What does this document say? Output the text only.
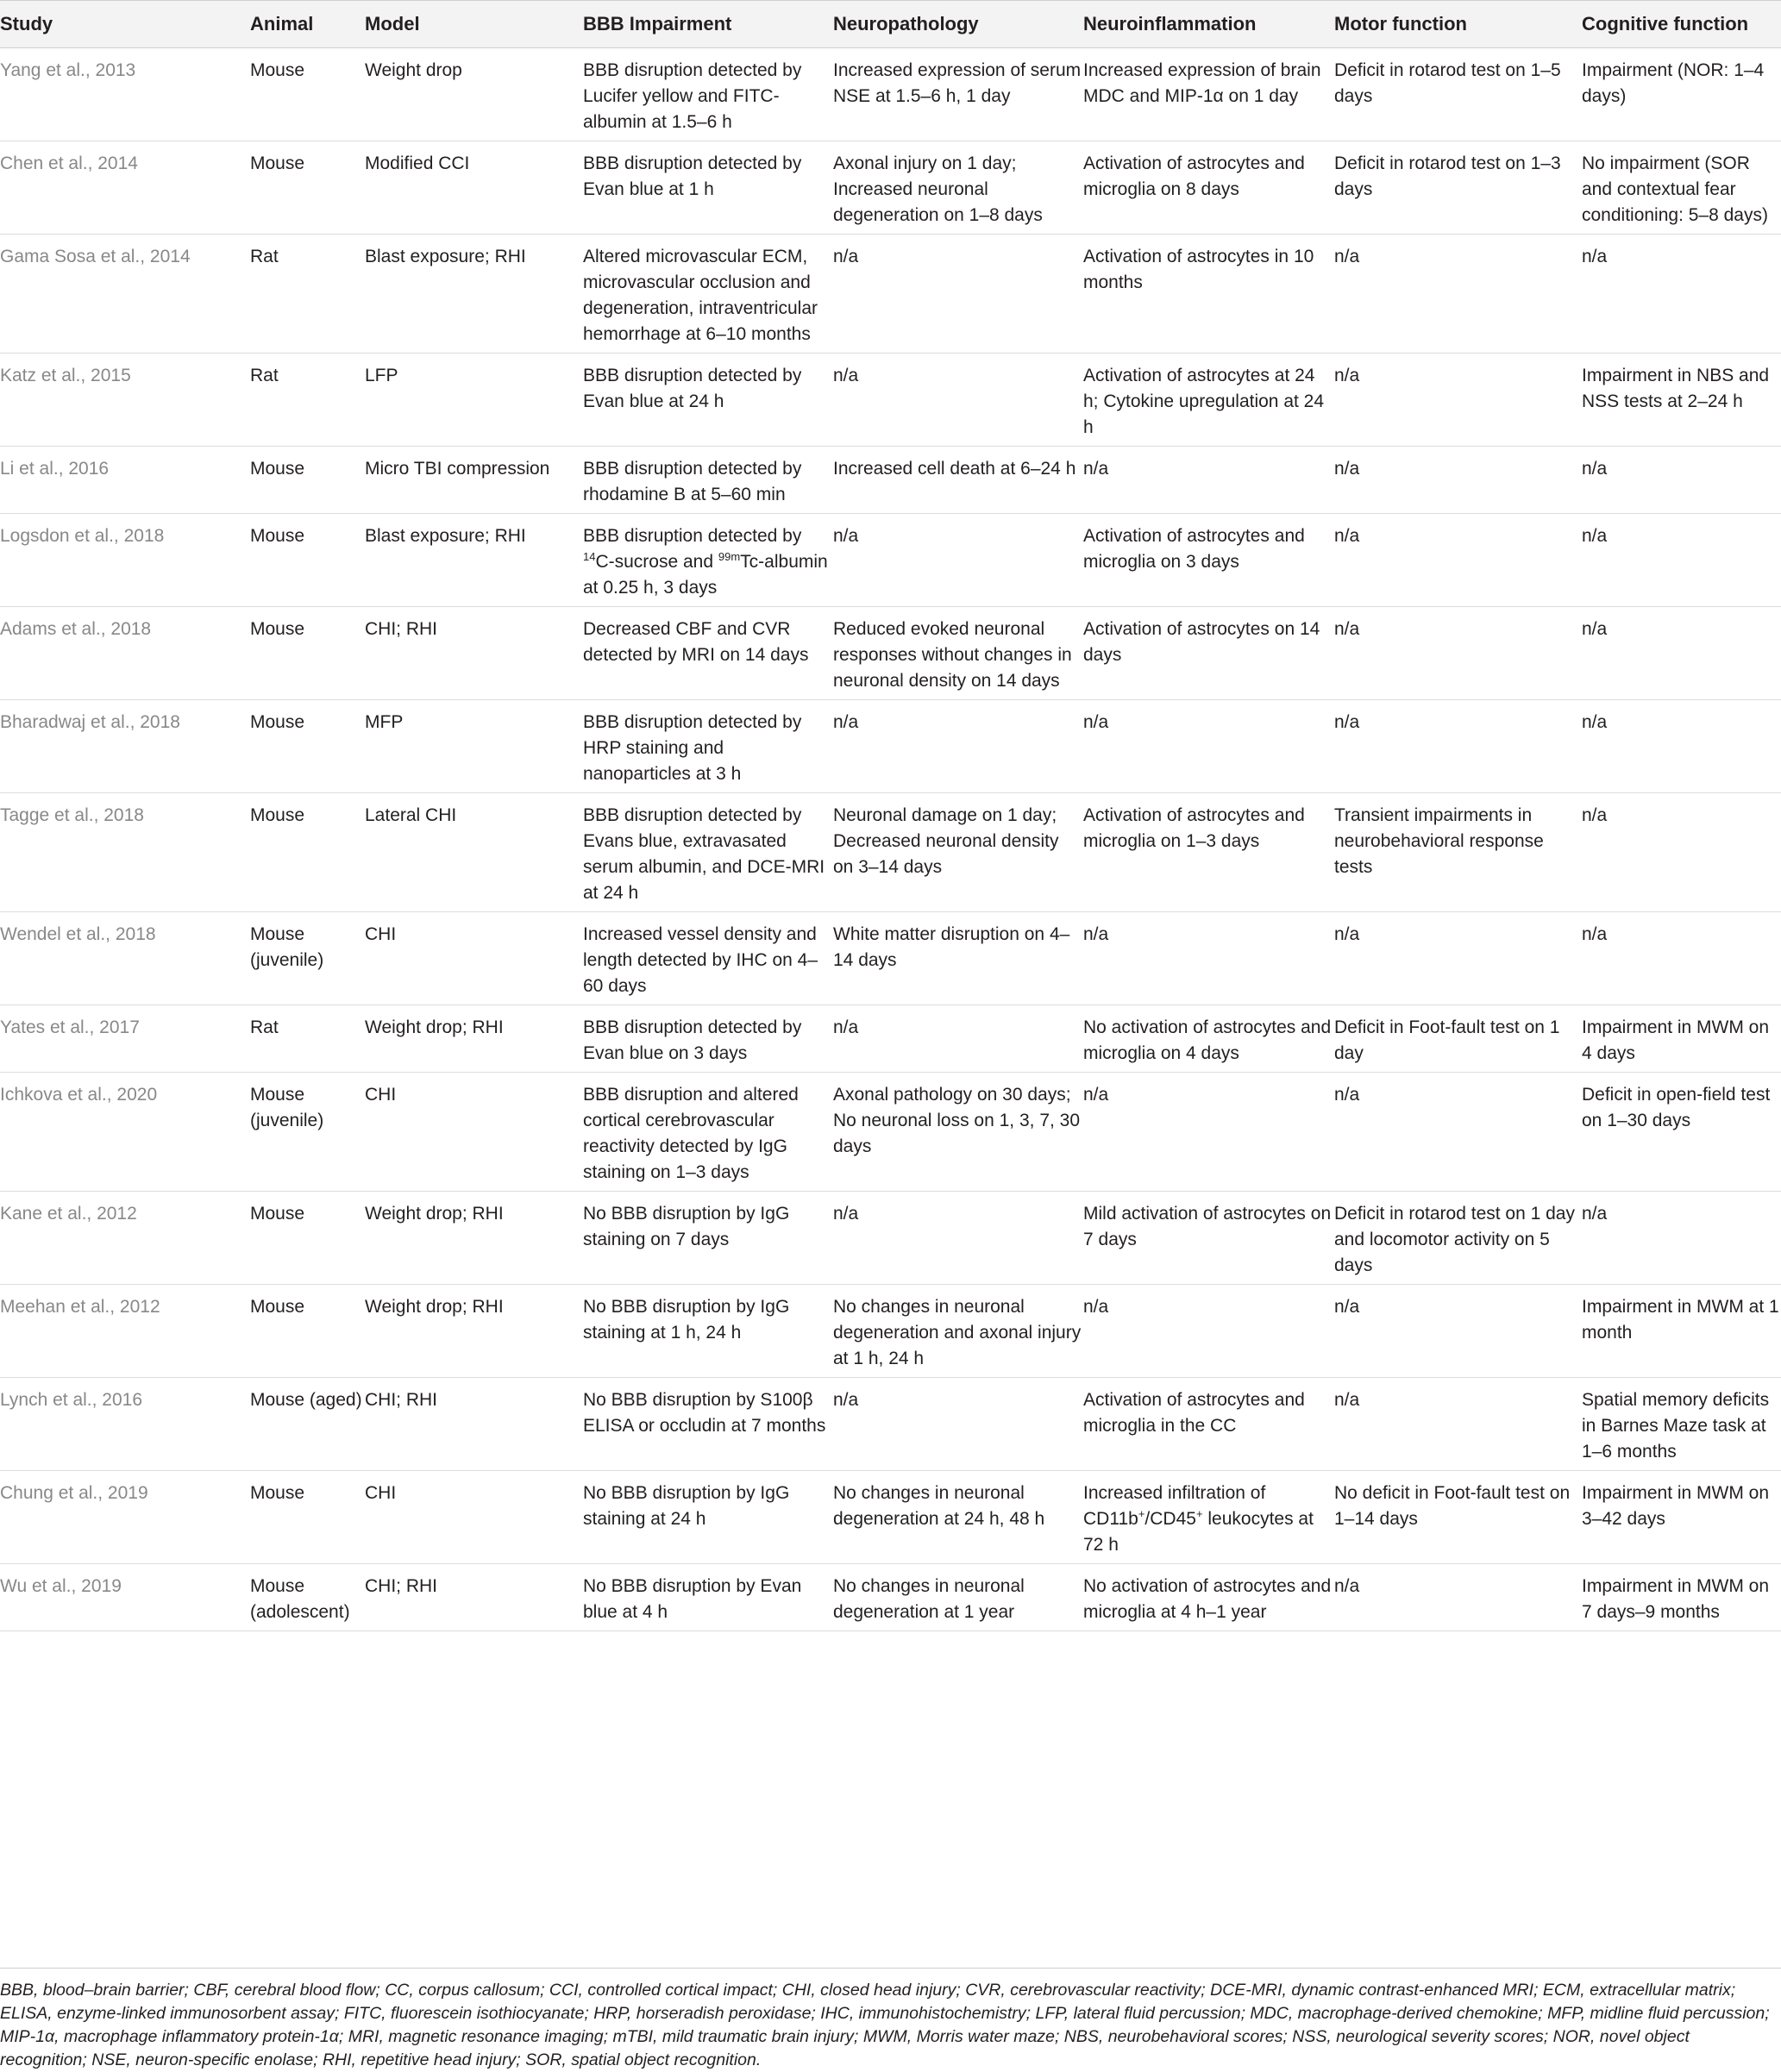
Study	Animal	Model	BBB Impairment	Neuropathology	Neuroinflammation	Motor function	Cognitive function
Yang et al., 2013	Mouse	Weight drop	BBB disruption detected by Lucifer yellow and FITC-albumin at 1.5–6 h	Increased expression of serum NSE at 1.5–6 h, 1 day	Increased expression of brain MDC and MIP-1α on 1 day	Deficit in rotarod test on 1–5 days	Impairment (NOR: 1–4 days)
Chen et al., 2014	Mouse	Modified CCI	BBB disruption detected by Evan blue at 1 h	Axonal injury on 1 day; Increased neuronal degeneration on 1–8 days	Activation of astrocytes and microglia on 8 days	Deficit in rotarod test on 1–3 days	No impairment (SOR and contextual fear conditioning: 5–8 days)
Gama Sosa et al., 2014	Rat	Blast exposure; RHI	Altered microvascular ECM, microvascular occlusion and degeneration, intraventricular hemorrhage at 6–10 months	n/a	Activation of astrocytes in 10 months	n/a	n/a
Katz et al., 2015	Rat	LFP	BBB disruption detected by Evan blue at 24 h	n/a	Activation of astrocytes at 24 h; Cytokine upregulation at 24 h	n/a	Impairment in NBS and NSS tests at 2–24 h
Li et al., 2016	Mouse	Micro TBI compression	BBB disruption detected by rhodamine B at 5–60 min	Increased cell death at 6–24 h	n/a	n/a	n/a
Logsdon et al., 2018	Mouse	Blast exposure; RHI	BBB disruption detected by $^{14}$C-sucrose and $^{99m}$Tc-albumin at 0.25 h, 3 days	n/a	Activation of astrocytes and microglia on 3 days	n/a	n/a
Adams et al., 2018	Mouse	CHI; RHI	Decreased CBF and CVR detected by MRI on 14 days	Reduced evoked neuronal responses without changes in neuronal density on 14 days	Activation of astrocytes on 14 days	n/a	n/a
Bharadwaj et al., 2018	Mouse	MFP	BBB disruption detected by HRP staining and nanoparticles at 3 h	n/a	n/a	n/a	n/a
Tagge et al., 2018	Mouse	Lateral CHI	BBB disruption detected by Evans blue, extravasated serum albumin, and DCE-MRI at 24 h	Neuronal damage on 1 day; Decreased neuronal density on 3–14 days	Activation of astrocytes and microglia on 1–3 days	Transient impairments in neurobehavioral response tests	n/a
Wendel et al., 2018	Mouse (juvenile)	CHI	Increased vessel density and length detected by IHC on 4–60 days	White matter disruption on 4–14 days	n/a	n/a	n/a
Yates et al., 2017	Rat	Weight drop; RHI	BBB disruption detected by Evan blue on 3 days	n/a	No activation of astrocytes and microglia on 4 days	Deficit in Foot-fault test on 1 day	Impairment in MWM on 4 days
Ichkova et al., 2020	Mouse (juvenile)	CHI	BBB disruption and altered cortical cerebrovascular reactivity detected by IgG staining on 1–3 days	Axonal pathology on 30 days; No neuronal loss on 1, 3, 7, 30 days	n/a	n/a	Deficit in open-field test on 1–30 days
Kane et al., 2012	Mouse	Weight drop; RHI	No BBB disruption by IgG staining on 7 days	n/a	Mild activation of astrocytes on 7 days	Deficit in rotarod test on 1 day and locomotor activity on 5 days	n/a
Meehan et al., 2012	Mouse	Weight drop; RHI	No BBB disruption by IgG staining at 1 h, 24 h	No changes in neuronal degeneration and axonal injury at 1 h, 24 h	n/a	n/a	Impairment in MWM at 1 month
Lynch et al., 2016	Mouse (aged)	CHI; RHI	No BBB disruption by S100β ELISA or occludin at 7 months	n/a	Activation of astrocytes and microglia in the CC	n/a	Spatial memory deficits in Barnes Maze task at 1–6 months
Chung et al., 2019	Mouse	CHI	No BBB disruption by IgG staining at 24 h	No changes in neuronal degeneration at 24 h, 48 h	Increased infiltration of CD11b+/CD45+ leukocytes at 72 h	No deficit in Foot-fault test on 1–14 days	Impairment in MWM on 3–42 days
Wu et al., 2019	Mouse (adolescent)	CHI; RHI	No BBB disruption by Evan blue at 4 h	No changes in neuronal degeneration at 1 year	No activation of astrocytes and microglia at 4 h–1 year	n/a	Impairment in MWM on 7 days–9 months
BBB, blood–brain barrier; CBF, cerebral blood flow; CC, corpus callosum; CCI, controlled cortical impact; CHI, closed head injury; CVR, cerebrovascular reactivity; DCE-MRI, dynamic contrast-enhanced MRI; ECM, extracellular matrix; ELISA, enzyme-linked immunosorbent assay; FITC, fluorescein isothiocyanate; HRP, horseradish peroxidase; IHC, immunohistochemistry; LFP, lateral fluid percussion; MDC, macrophage-derived chemokine; MFP, midline fluid percussion; MIP-1α, macrophage inflammatory protein-1α; MRI, magnetic resonance imaging; mTBI, mild traumatic brain injury; MWM, Morris water maze; NBS, neurobehavioral scores; NSS, neurological severity scores; NOR, novel object recognition; NSE, neuron-specific enolase; RHI, repetitive head injury; SOR, spatial object recognition.
